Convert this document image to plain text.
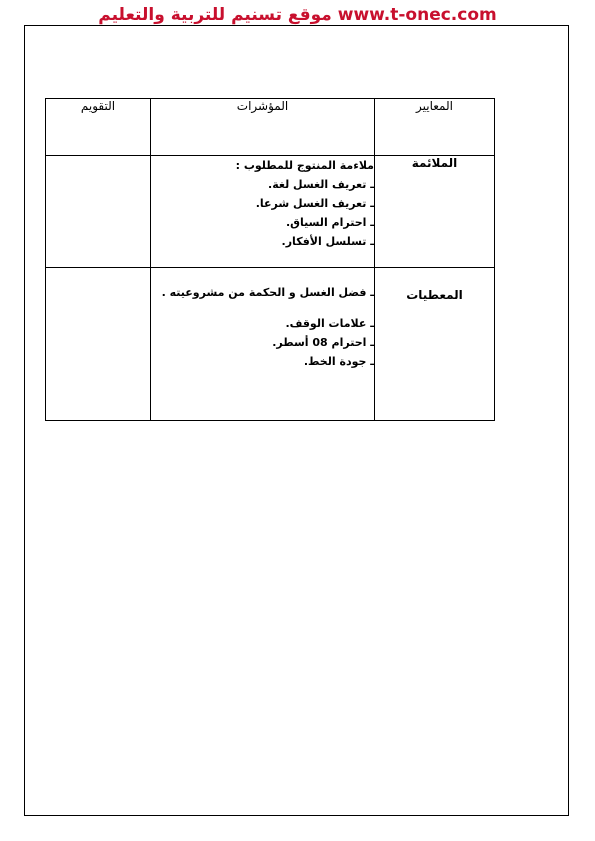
موقع تسنيم للتربية والتعليم www.t-onec.com
المعايير	المؤشرات	التقويم
الملائمة	ملاءمة المنتوج للمطلوب :
ـ تعريف الغسل لغة.
ـ تعريف الغسل شرعا.
ـ احترام السياق.
ـ تسلسل الأفكار.	

المعطيات	ـ فضل الغسل و الحكمة من مشروعيته .
ـ علامات الوقف.
ـ احترام 08 أسطر.
ـ جودة الخط.	
